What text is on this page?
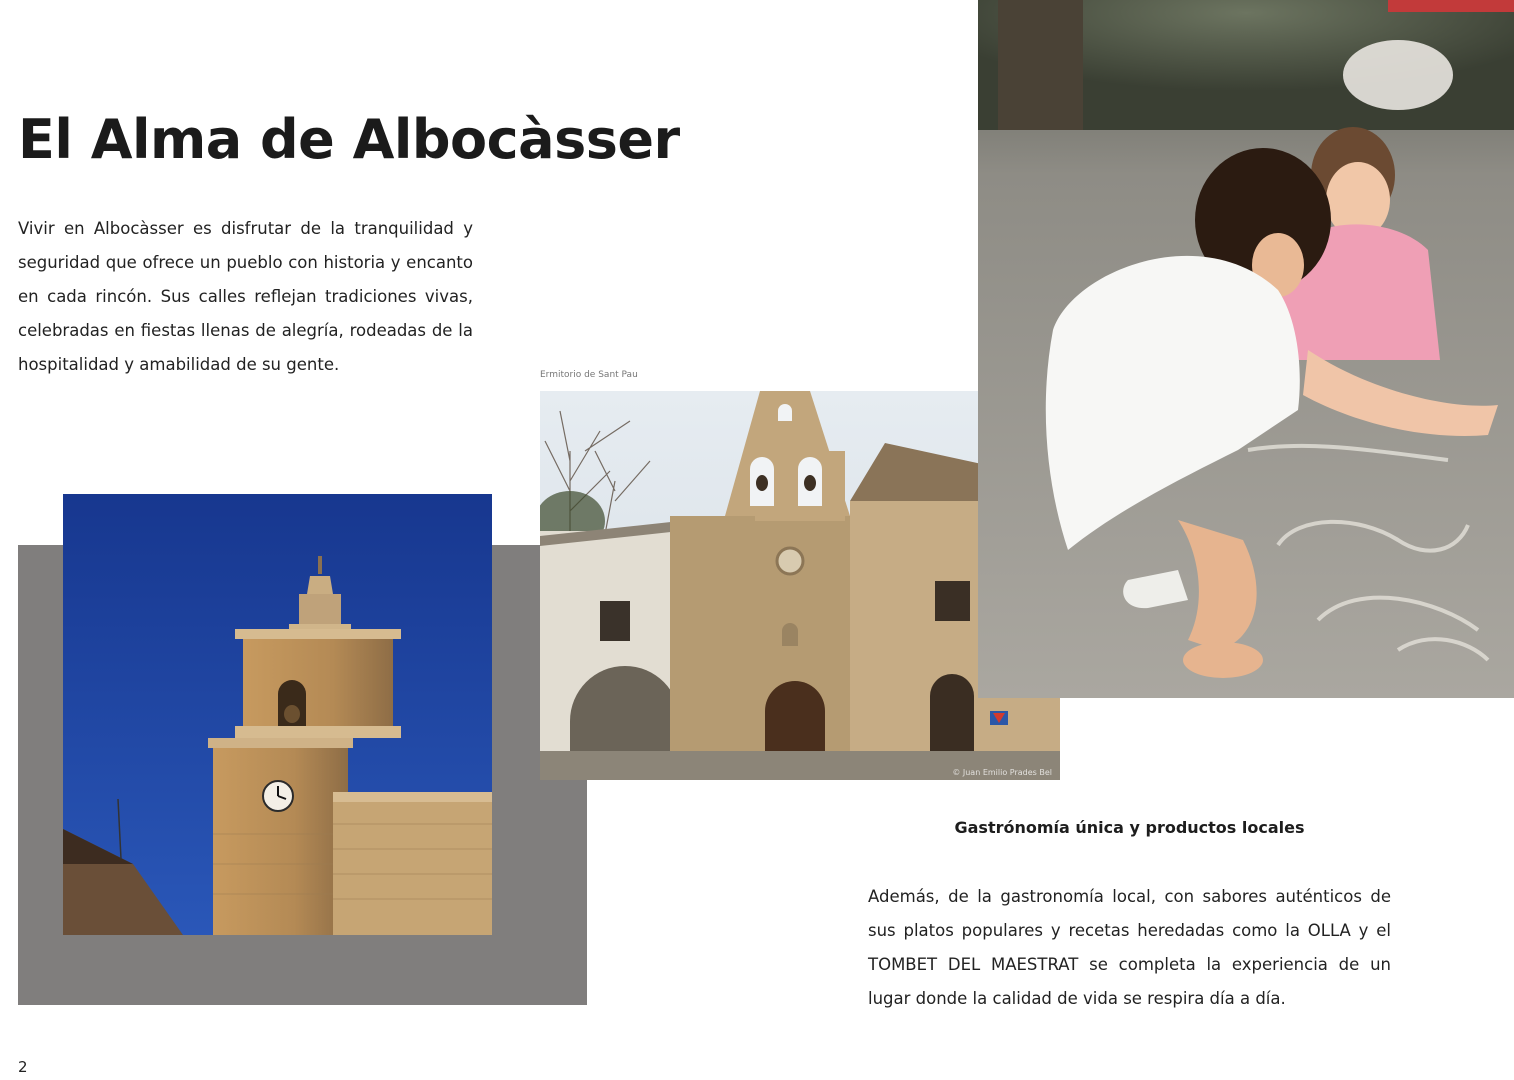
El Alma de Albocàsser

Vivir en Albocàsser es disfrutar de la tranquilidad y seguridad que ofrece un pueblo con historia y encanto en cada rincón. Sus calles reflejan tradiciones vivas, celebradas en fiestas llenas de alegría, rodeadas de la hospitalidad y amabilidad de su gente.

Ermitorio de Sant Pau
© Juan Emilio Prades Bel
Gastrónomía única y productos locales

Además, de la gastronomía local, con sabores auténticos de sus platos populares y recetas heredadas como la OLLA y el TOMBET DEL MAESTRAT se completa la experiencia de un lugar donde la calidad de vida se respira día a día.

2
